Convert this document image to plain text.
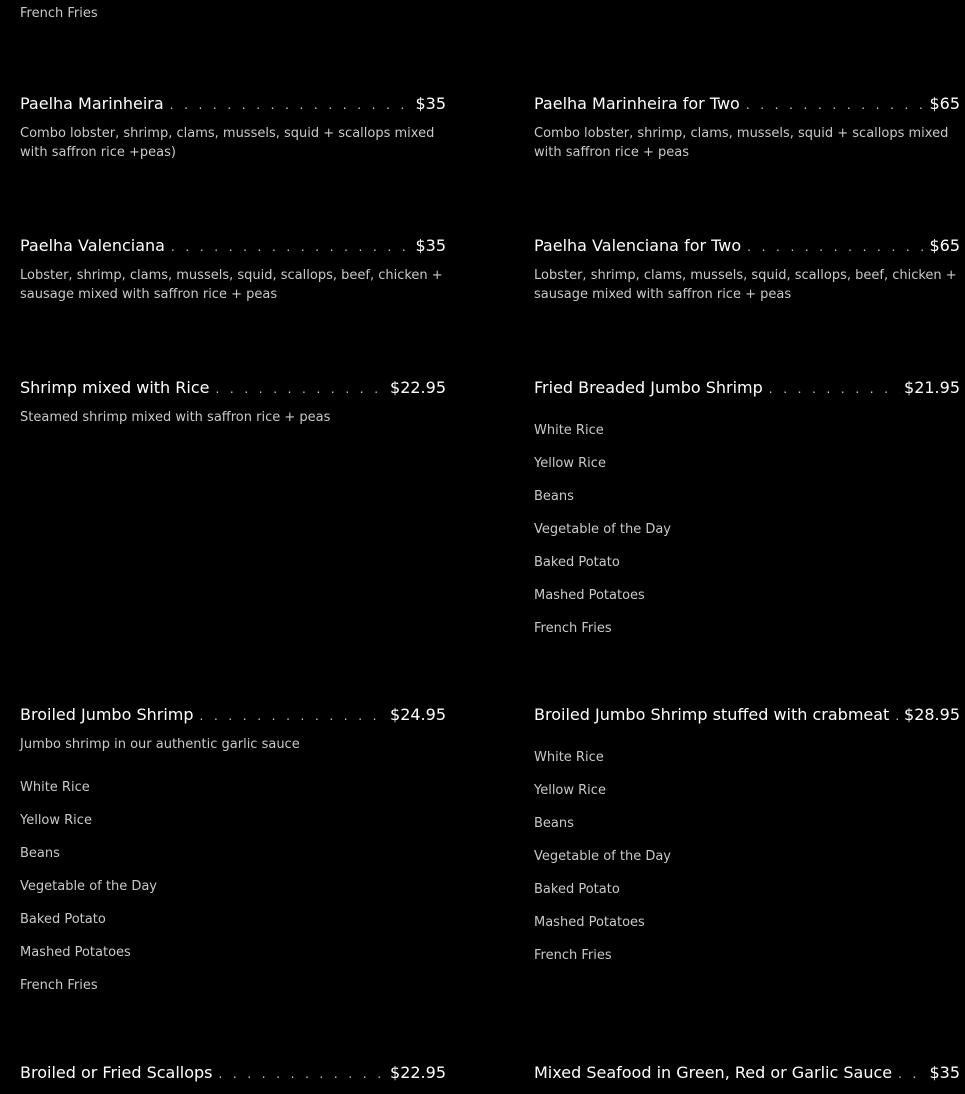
French Fries
Paelha Marinheira . . .	$35
Combo lobster, shrimp, clams, mussels, squid + scallops mixed with saffron rice +peas)
Paelha Marinheira for Two . . .	$65
Combo lobster, shrimp, clams, mussels, squid + scallops mixed with saffron rice + peas
Paelha Valenciana . . .	$35
Lobster, shrimp, clams, mussels, squid, scallops, beef, chicken + sausage mixed with saffron rice + peas
Paelha Valenciana for Two . . .	$65
Lobster, shrimp, clams, mussels, squid, scallops, beef, chicken + sausage mixed with saffron rice + peas
Shrimp mixed with Rice . . .	$22.95
Steamed shrimp mixed with saffron rice + peas
Fried Breaded Jumbo Shrimp . . .	$21.95
White Rice
Yellow Rice
Beans
Vegetable of the Day
Baked Potato
Mashed Potatoes
French Fries
Broiled Jumbo Shrimp . . .	$24.95
Jumbo shrimp in our authentic garlic sauce
White Rice
Yellow Rice
Beans
Vegetable of the Day
Baked Potato
Mashed Potatoes
French Fries
Broiled Jumbo Shrimp stuffed with crabmeat . . . $28.95
White Rice
Yellow Rice
Beans
Vegetable of the Day
Baked Potato
Mashed Potatoes
French Fries
Broiled or Fried Scallops . . .	$22.95	Mixed Seafood in Green, Red or Garlic Sauce . . .	$35
